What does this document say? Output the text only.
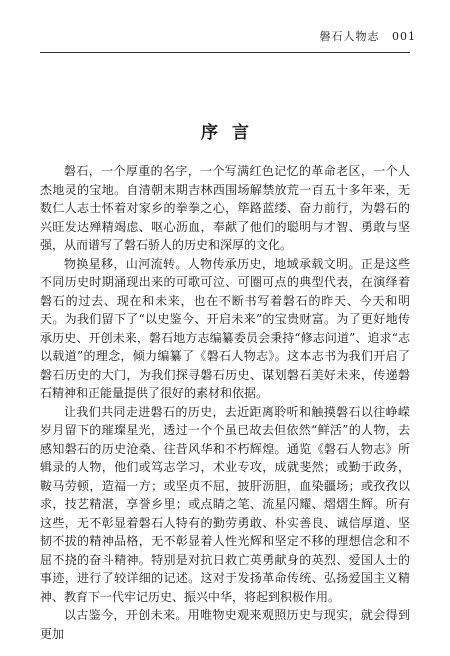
磐石人物志 001
序言

磐石，一个厚重的名字，一个写满红色记忆的革命老区，一个人杰地灵的宝地。自清朝末期吉林西围场解禁放荒一百五十多年来，无数仁人志士怀着对家乡的拳拳之心，筚路蓝缕、奋力前行，为磐石的兴旺发达殚精竭虑、呕心沥血，奉献了他们的聪明与才智、勇敢与坚强，从而谱写了磐石骄人的历史和深厚的文化。

物换星移，山河流转。人物传承历史，地域承载文明。正是这些不同历史时期涌现出来的可歌可泣、可圈可点的典型代表，在演绎着磐石的过去、现在和未来，也在不断书写着磐石的昨天、今天和明天。为我们留下了“以史鉴今、开启未来”的宝贵财富。为了更好地传承历史、开创未来，磐石地方志编纂委员会秉持“修志问道”、追求“志以载道”的理念，倾力编纂了《磐石人物志》。这本志书为我们开启了磐石历史的大门，为我们探寻磐石历史、谋划磐石美好未来，传递磐石精神和正能量提供了很好的素材和依据。

让我们共同走进磐石的历史，去近距离聆听和触摸磐石以往峥嵘岁月留下的璀璨星光，透过一个个虽已故去但依然“鲜活”的人物，去感知磐石的历史沧桑、往昔风华和不朽辉煌。通览《磐石人物志》所辑录的人物，他们或笃志学习，术业专攻，成就斐然；或勤于政务，鞍马劳顿，造福一方；或坚贞不屈，披肝沥胆，血染疆场；或孜孜以求，技艺精湛，享誉乡里；或点睛之笔、流星闪耀、熠熠生辉。所有这些，无不彰显着磐石人特有的勤劳勇敢、朴实善良、诚信厚道、坚韧不拔的精神品格，无不彰显着人性光辉和坚定不移的理想信念和不屈不挠的奋斗精神。特别是对抗日救亡英勇献身的英烈、爱国人士的事迹，进行了较详细的记述。这对于发扬革命传统、弘扬爱国主义精神、教育下一代牢记历史、振兴中华，将起到积极作用。

以古鉴今，开创未来。用唯物史观来观照历史与现实，就会得到更加
